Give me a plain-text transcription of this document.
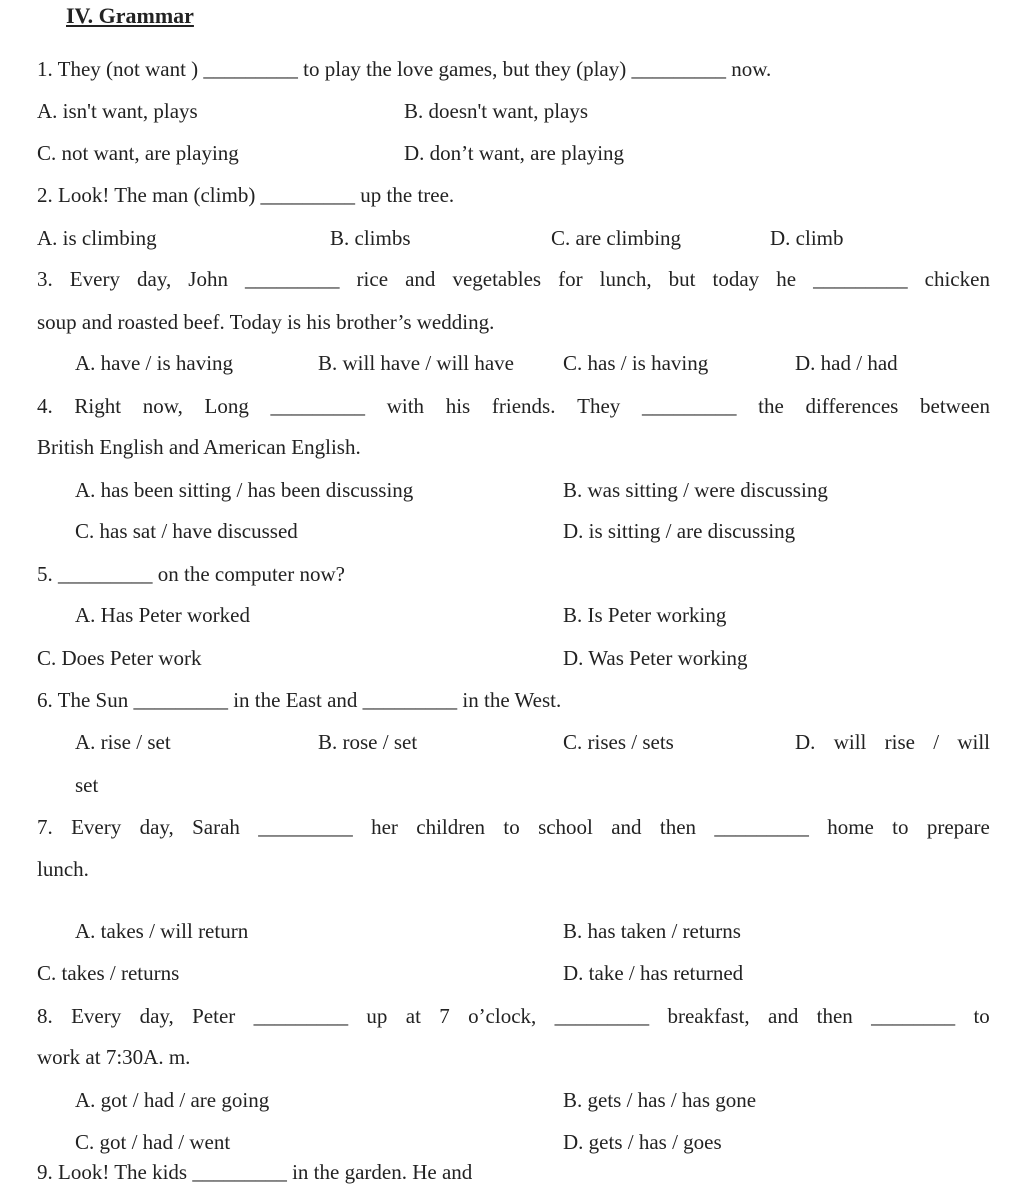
IV. Grammar
1. They (not want ) _________ to play the love games, but they (play) _________ now.
A. isn't want, plays	B. doesn't want, plays
C. not want, are playing	D. don’t want, are playing
2. Look! The man (climb) _________ up the tree.
A. is climbing	B. climbs	C. are climbing	D. climb
3. Every day, John _________ rice and vegetables for lunch, but today he _________ chicken
soup and roasted beef. Today is his brother’s wedding.
A. have / is having	B. will have / will have C. has / is having	D. had / had
4. Right now, Long _________ with his friends. They _________ the differences between
British English and American English.
A. has been sitting / has been discussing	B. was sitting / were discussing
C. has sat / have discussed	D. is sitting / are discussing
5. _________ on the computer now?
A. Has Peter worked	B. Is Peter working
C. Does Peter work	D. Was Peter working
6. The Sun _________ in the East and _________ in the West.
A. rise / set	B. rose / set	C. rises / sets	D. will rise / will
set
7. Every day, Sarah _________ her children to school and then _________ home to prepare
lunch.
A. takes / will return	B. has taken / returns
C. takes / returns	D. take / has returned
8. Every day, Peter _________ up at 7 o’clock, _________ breakfast, and then ________ to
work at 7:30A. m.
A. got / had / are going	B. gets / has / has gone
C. got / had / went	D. gets / has / goes
9. Look! The kids _________ in the garden. He and
